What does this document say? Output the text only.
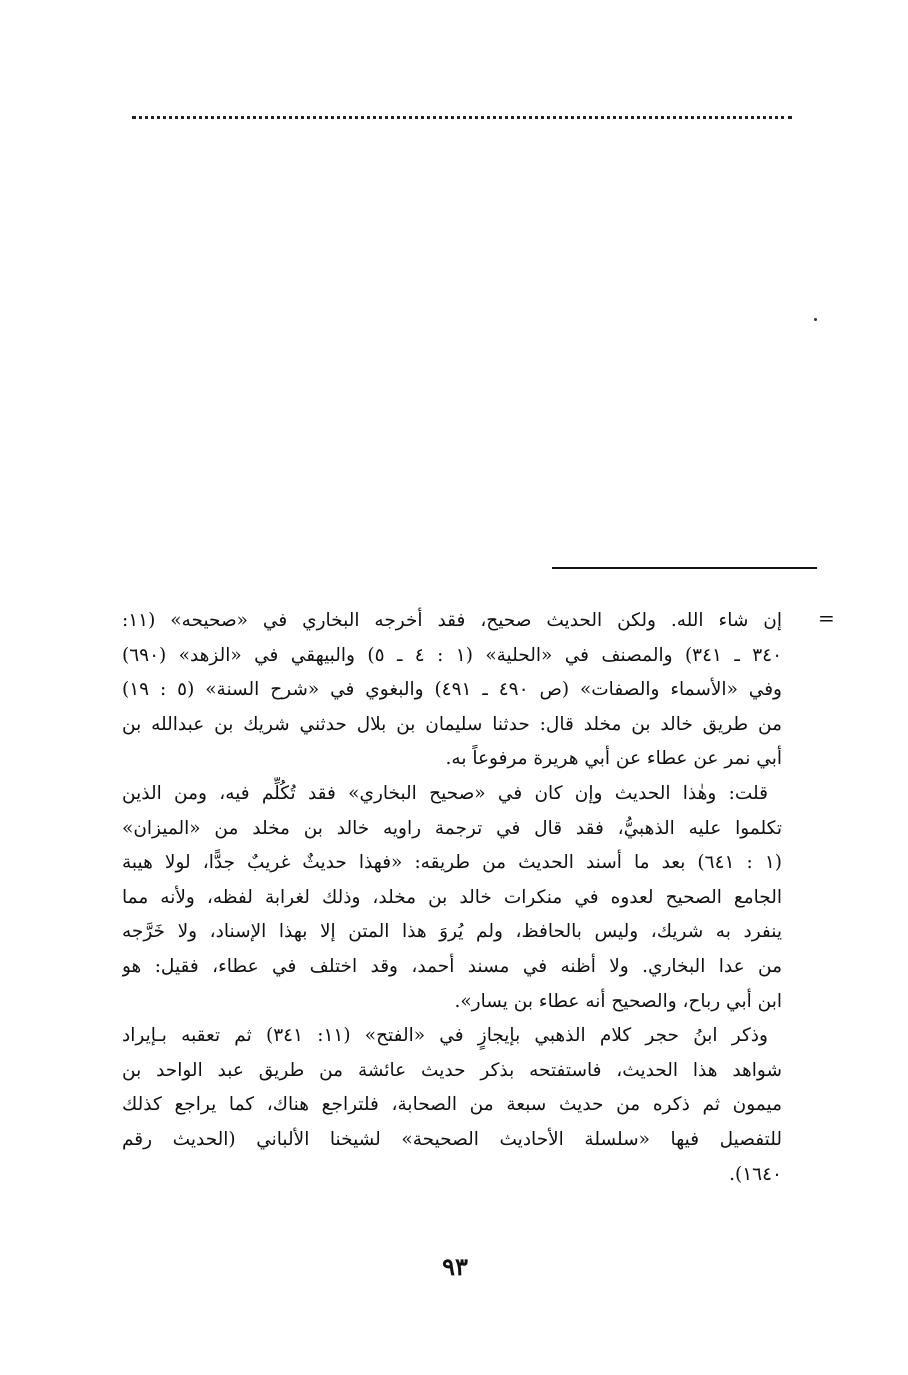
=
إن شاء الله. ولكن الحديث صحيح، فقد أخرجه البخاري في «صحيحه» (١١:
٣٤٠ ـ ٣٤١) والمصنف في «الحلية» (١ : ٤ ـ ٥) والبيهقي في «الزهد» (٦٩٠)
وفي «الأسماء والصفات» (ص ٤٩٠ ـ ٤٩١) والبغوي في «شرح السنة» (٥ : ١٩)
من طريق خالد بن مخلد قال: حدثنا سليمان بن بلال حدثني شريك بن عبدالله بن
أبي نمر عن عطاء عن أبي هريرة مرفوعاً به.
قلت: وهٰذا الحديث وإن كان في «صحيح البخاري» فقد تُكُلِّم فيه، ومن الذين
تكلموا عليه الذهبيُّ، فقد قال في ترجمة راويه خالد بن مخلد من «الميزان»
(١ : ٦٤١) بعد ما أسند الحديث من طريقه: «فهذا حديثٌ غريبٌ جدًّا، لولا هيبة
الجامع الصحيح لعدوه في منكرات خالد بن مخلد، وذلك لغرابة لفظه، ولأنه مما
ينفرد به شريك، وليس بالحافظ، ولم يُروَ هذا المتن إلا بهذا الإسناد، ولا خَرَّجه
من عدا البخاري. ولا أظنه في مسند أحمد، وقد اختلف في عطاء، فقيل: هو
ابن أبي رباح، والصحيح أنه عطاء بن يسار».
وذكر ابنُ حجر كلام الذهبي بإيجازٍ في «الفتح» (١١: ٣٤١) ثم تعقبه بـإيراد
شواهد هذا الحديث، فاستفتحه بذكر حديث عائشة من طريق عبد الواحد بن
ميمون ثم ذكره من حديث سبعة من الصحابة، فلتراجع هناك، كما يراجع كذلك
للتفصيل فيها «سلسلة الأحاديث الصحيحة» لشيخنا الألباني (الحديث رقم
١٦٤٠).
٩٣
